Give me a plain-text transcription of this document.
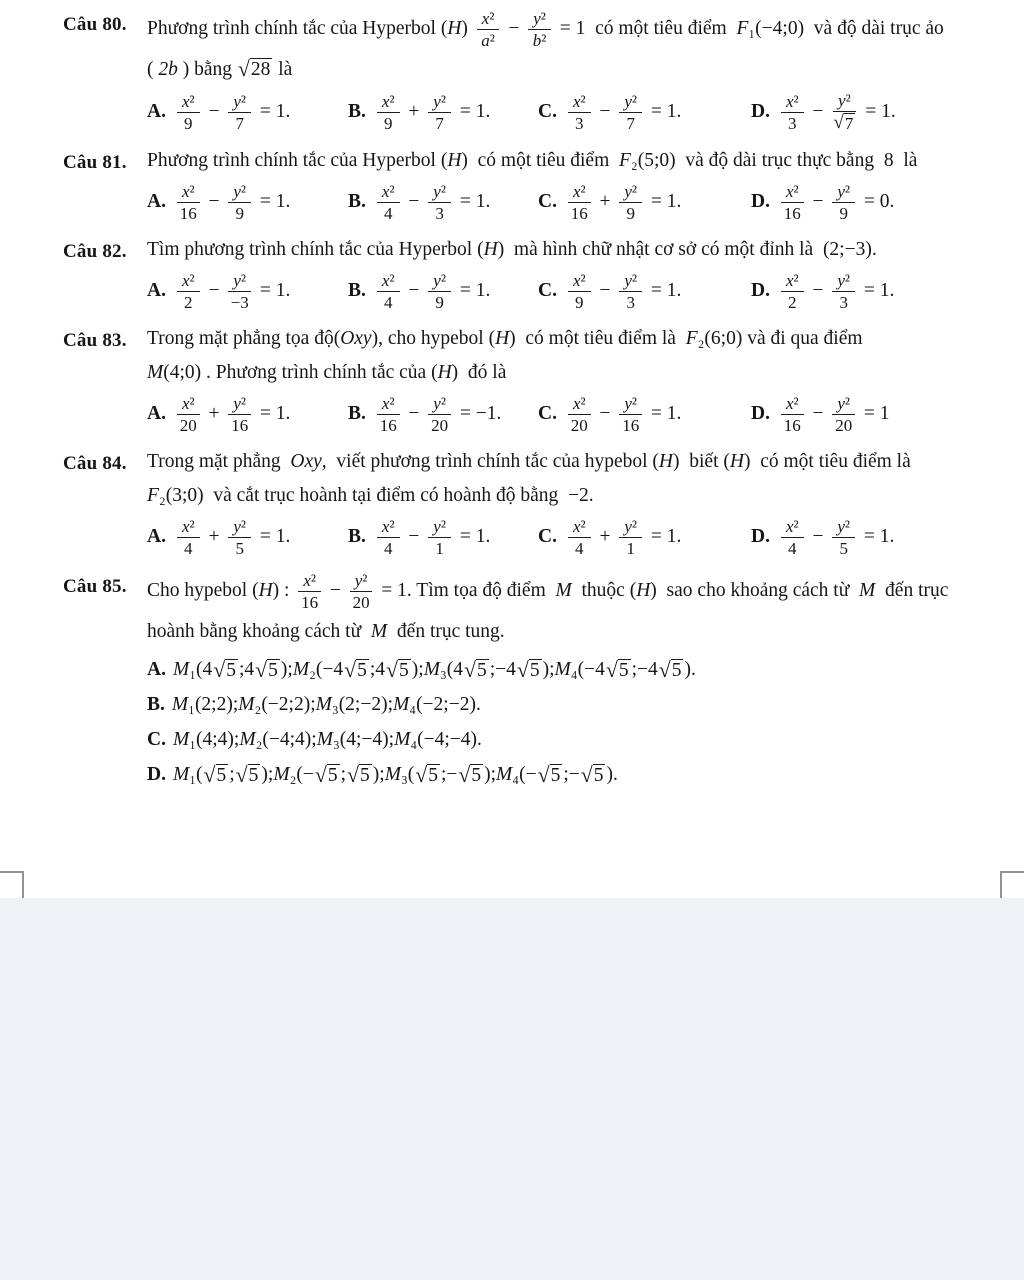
Câu 80.	Phương trình chính tắc của Hyperbol ( H ) $\frac{\text{x²}}{\text{a²}} - \frac{\text{y²}}{\text{b²}} = 1$  có một tiêu điểm F ₁(−4;0)  và độ dài trục ảo
( 2b ) bằng √ 28 là
A. $\frac{\text{x²}}{9} - \frac{\text{y²}}{7} = 1$.	B. $\frac{\text{x²}}{9} + \frac{\text{y²}}{7} = 1$. C. $\frac{\text{x²}}{3} - \frac{\text{y²}}{7} = 1$.	D. $\frac{\text{x²}}{3} - \frac{\text{y²}}{√ 7} = 1$.
Câu 81.	Phương trình chính tắc của Hyperbol ( H )  có một tiêu điểm F ₂(5;0)  và độ dài trục thực bằng  8  là
A. $\frac{\text{x²}}{16} - \frac{\text{y²}}{9} = 1$.	B. $\frac{\text{x²}}{4} - \frac{\text{y²}}{3} = 1$. C. $\frac{\text{x²}}{16} + \frac{\text{y²}}{9} = 1$.	D. $\frac{\text{x²}}{16} - \frac{\text{y²}}{9} = 0$.
Câu 82.	Tìm phương trình chính tắc của Hyperbol ( H )  mà hình chữ nhật cơ sở có một đỉnh là  (2;−3).
A. $\frac{\text{x²}}{2} - \frac{\text{y²}}{-3} = 1$.	B. $\frac{\text{x²}}{4} - \frac{\text{y²}}{9} = 1$. C. $\frac{\text{x²}}{9} - \frac{\text{y²}}{3} = 1$.	D. $\frac{\text{x²}}{2} - \frac{\text{y²}}{3} = 1$.
Câu 83.	Trong mặt phẳng tọa độ( Oxy ), cho hypebol ( H )  có một tiêu điểm là F ₂(6;0) và đi qua điểm
M (4;0) . Phương trình chính tắc của ( H )  đó là
A. $\frac{\text{x²}}{20} + \frac{\text{y²}}{16} = 1$.	B. $\frac{\text{x²}}{16} - \frac{\text{y²}}{20} = -1$. C. $\frac{\text{x²}}{20} - \frac{\text{y²}}{16} = 1$.	D. $\frac{\text{x²}}{16} - \frac{\text{y²}}{20} = 1$
Câu 84.	Trong mặt phẳng Oxy ,  viết phương trình chính tắc của hypebol ( H )  biết ( H )  có một tiêu điểm là
F ₂(3;0)  và cắt trục hoành tại điểm có hoành độ bằng  −2.
A. $\frac{\text{x²}}{4} + \frac{\text{y²}}{5} = 1$.	B. $\frac{\text{x²}}{4} - \frac{\text{y²}}{1} = 1$. C. $\frac{\text{x²}}{4} + \frac{\text{y²}}{1} = 1$.	D. $\frac{\text{x²}}{4} - \frac{\text{y²}}{5} = 1$.
Câu 85.	Cho hypebol ( H ) : $\frac{\text{x²}}{16} - \frac{\text{y²}}{20} = 1$. Tìm tọa độ điểm M thuộc ( H )  sao cho khoảng cách từ M đến trục
hoành bằng khoảng cách từ M đến trục tung.
A. M ₁(4 √ 5 ;4 √ 5 ); M ₂(−4 √ 5 ;4 √ 5 ); M ₃(4 √ 5 ;−4 √ 5 ); M ₄(−4 √ 5 ;−4 √ 5 ).
B. M ₁(2;2); M ₂(−2;2); M ₃(2;−2); M ₄(−2;−2).
C. M ₁(4;4); M ₂(−4;4); M ₃(4;−4); M ₄(−4;−4).
D. M ₁( √ 5 ; √ 5 ); M ₂(− √ 5 ; √ 5 ); M ₃( √ 5 ;− √ 5 ); M ₄(− √ 5 ;− √ 5 ).
